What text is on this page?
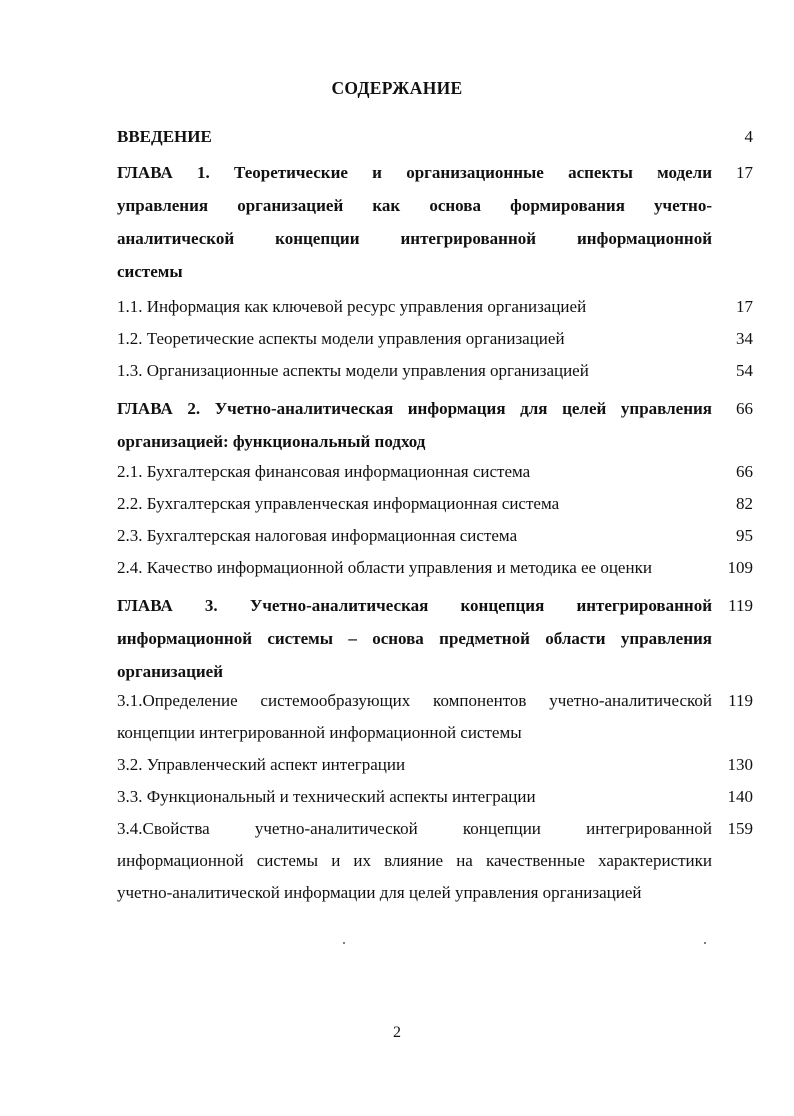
СОДЕРЖАНИЕ
ВВЕДЕНИЕ	4
ГЛАВА 1. Теоретические и организационные аспекты модели
управления организацией как основа формирования учетно-
аналитической концепции интегрированной информационной
системы
17
1.1. Информация как ключевой ресурс управления организацией	17
1.2. Теоретические аспекты модели управления организацией	34
1.3. Организационные аспекты модели управления организацией	54
ГЛАВА 2. Учетно-аналитическая информация для целей управления
организацией: функциональный подход
66
2.1. Бухгалтерская финансовая информационная система	66
2.2. Бухгалтерская управленческая информационная система	82
2.3. Бухгалтерская налоговая информационная система	95
2.4. Качество информационной области управления и методика ее оценки	109
ГЛАВА 3. Учетно-аналитическая концепция интегрированной
информационной системы – основа предметной области управления
организацией
119
3.1.Определение системообразующих компонентов учетно-аналитической
концепции интегрированной информационной системы
119
3.2. Управленческий аспект интеграции	130
3.3. Функциональный и технический аспекты интеграции	140
3.4.Свойства учетно-аналитической концепции интегрированной
информационной системы и их влияние на качественные характеристики
учетно-аналитической информации для целей управления организацией
159
2
